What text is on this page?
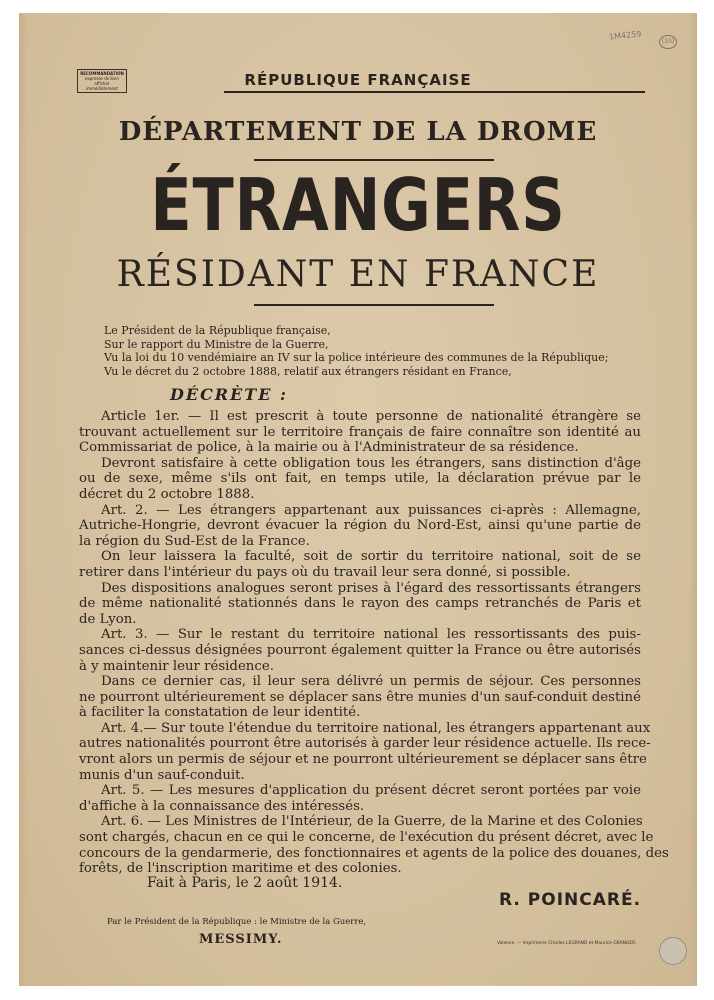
RECOMMANDATION
expresse de bien afficher immédiatement
1M4259	(10)
RÉPUBLIQUE FRANÇAISE
DÉPARTEMENT DE LA DROME
ÉTRANGERS
RÉSIDANT EN FRANCE
Le Président de la République française,
Sur le rapport du Ministre de la Guerre,
Vu la loi du 10 vendémiaire an IV sur la police intérieure des communes de la République;
Vu le décret du 2 octobre 1888, relatif aux étrangers résidant en France,
DÉCRÈTE :
Article 1er. — Il est prescrit à toute personne de nationalité étrangère se
trouvant actuellement sur le territoire français de faire connaître son identité au
Commissariat de police, à la mairie ou à l'Administrateur de sa résidence.
Devront satisfaire à cette obligation tous les étrangers, sans distinction d'âge
ou de sexe, même s'ils ont fait, en temps utile, la déclaration prévue par le
décret du 2 octobre 1888.
Art. 2. — Les étrangers appartenant aux puissances ci-après : Allemagne,
Autriche-Hongrie, devront évacuer la région du Nord-Est, ainsi qu'une partie de
la région du Sud-Est de la France.
On leur laissera la faculté, soit de sortir du territoire national, soit de se
retirer dans l'intérieur du pays où du travail leur sera donné, si possible.
Des dispositions analogues seront prises à l'égard des ressortissants étrangers
de même nationalité stationnés dans le rayon des camps retranchés de Paris et
de Lyon.
Art. 3. — Sur le restant du territoire national les ressortissants des puis-
sances ci-dessus désignées pourront également quitter la France ou être autorisés
à y maintenir leur résidence.
Dans ce dernier cas, il leur sera délivré un permis de séjour. Ces personnes
ne pourront ultérieurement se déplacer sans être munies d'un sauf-conduit destiné
à faciliter la constatation de leur identité.
Art. 4.— Sur toute l'étendue du territoire national, les étrangers appartenant aux
autres nationalités pourront être autorisés à garder leur résidence actuelle. Ils rece-
vront alors un permis de séjour et ne pourront ultérieurement se déplacer sans être
munis d'un sauf-conduit.
Art. 5. — Les mesures d'application du présent décret seront portées par voie
d'affiche à la connaissance des intéressés.
Art. 6. — Les Ministres de l'Intérieur, de la Guerre, de la Marine et des Colonies
sont chargés, chacun en ce qui le concerne, de l'exécution du présent décret, avec le
concours de la gendarmerie, des fonctionnaires et agents de la police des douanes, des
forêts, de l'inscription maritime et des colonies.
Fait à Paris, le 2 août 1914.
R. POINCARÉ.
Par le Président de la République : le Ministre de la Guerre,
MESSIMY.	Valence. — Imprimerie Charles LEGRAND et Maurice GRANGER.
